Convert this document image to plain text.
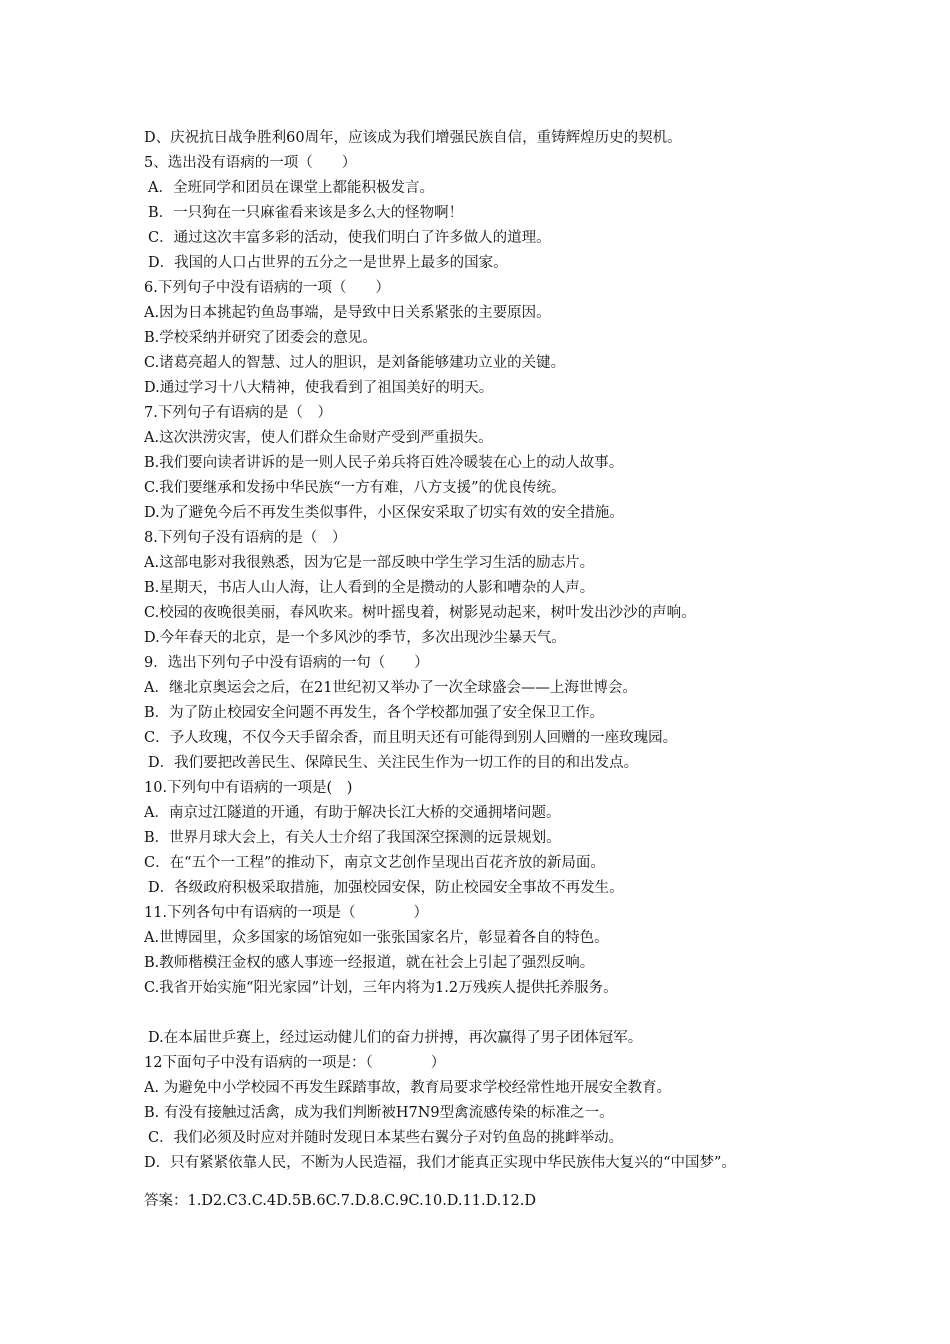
D、庆祝抗日战争胜利60周年，应该成为我们增强民族自信，重铸辉煌历史的契机。
5、选出没有语病的一项（　　）
A．全班同学和团员在课堂上都能积极发言。
B．一只狗在一只麻雀看来该是多么大的怪物啊！
C．通过这次丰富多彩的活动，使我们明白了许多做人的道理。
D．我国的人口占世界的五分之一是世界上最多的国家。
6.下列句子中没有语病的一项（　　）
A.因为日本挑起钓鱼岛事端，是导致中日关系紧张的主要原因。
B.学校采纳并研究了团委会的意见。
C.诸葛亮超人的智慧、过人的胆识，是刘备能够建功立业的关键。
D.通过学习十八大精神，使我看到了祖国美好的明天。
7.下列句子有语病的是（　）
A.这次洪涝灾害，使人们群众生命财产受到严重损失。
B.我们要向读者讲诉的是一则人民子弟兵将百姓冷暖装在心上的动人故事。
C.我们要继承和发扬中华民族“一方有难，八方支援”的优良传统。
D.为了避免今后不再发生类似事件，小区保安采取了切实有效的安全措施。
8.下列句子没有语病的是（　）
A.这部电影对我很熟悉，因为它是一部反映中学生学习生活的励志片。
B.星期天，书店人山人海，让人看到的全是攒动的人影和嘈杂的人声。
C.校园的夜晚很美丽，春风吹来。树叶摇曳着，树影晃动起来，树叶发出沙沙的声响。
D.今年春天的北京，是一个多风沙的季节，多次出现沙尘暴天气。
9．选出下列句子中没有语病的一句（　　）
A．继北京奥运会之后，在21世纪初又举办了一次全球盛会——上海世博会。
B．为了防止校园安全问题不再发生，各个学校都加强了安全保卫工作。
C．予人玫瑰，不仅今天手留余香，而且明天还有可能得到别人回赠的一座玫瑰园。
D．我们要把改善民生、保障民生、关注民生作为一切工作的目的和出发点。
10.下列句中有语病的一项是(　)
A．南京过江隧道的开通，有助于解决长江大桥的交通拥堵问题。
B．世界月球大会上，有关人士介绍了我国深空探测的远景规划。
C．在“五个一工程”的推动下，南京文艺创作呈现出百花齐放的新局面。
D．各级政府积极采取措施，加强校园安保，防止校园安全事故不再发生。
11.下列各句中有语病的一项是（　　　　）
A.世博园里，众多国家的场馆宛如一张张国家名片，彰显着各自的特色。
B.教师楷模汪金权的感人事迹一经报道，就在社会上引起了强烈反响。
C.我省开始实施“阳光家园”计划，三年内将为1.2万残疾人提供托养服务。
D.在本届世乒赛上，经过运动健儿们的奋力拼搏，再次赢得了男子团体冠军。
12下面句子中没有语病的一项是：（　　　　）
A. 为避免中小学校园不再发生踩踏事故，教育局要求学校经常性地开展安全教育。
B. 有没有接触过活禽，成为我们判断被H7N9型禽流感传染的标准之一。
C．我们必须及时应对并随时发现日本某些右翼分子对钓鱼岛的挑衅举动。
D．只有紧紧依靠人民，不断为人民造福，我们才能真正实现中华民族伟大复兴的“中国梦”。
答案：1.D2.C3.C.4D.5B.6C.7.D.8.C.9C.10.D.11.D.12.D
